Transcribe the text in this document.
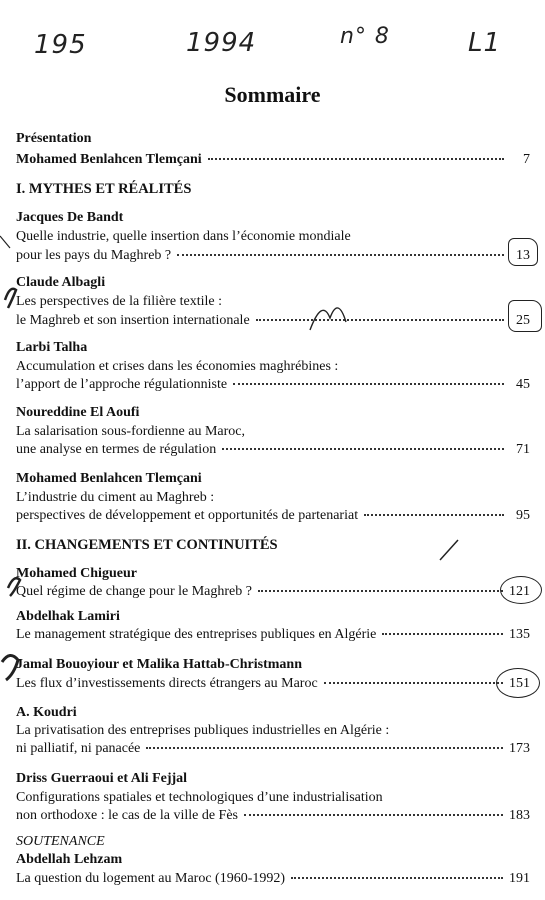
195	1994	n° 8	L1
Sommaire
Présentation
Mohamed Benlahcen Tlemçani	7
I. MYTHES ET RÉALITÉS
Jacques De Bandt
Quelle industrie, quelle insertion dans l’économie mondiale
pour les pays du Maghreb ?	13
Claude Albagli
Les perspectives de la filière textile :
le Maghreb et son insertion internationale	25
Larbi Talha
Accumulation et crises dans les économies maghrébines :
l’apport de l’approche régulationniste	45
Noureddine El Aoufi
La salarisation sous-fordienne au Maroc,
une analyse en termes de régulation	71
Mohamed Benlahcen Tlemçani
L’industrie du ciment au Maghreb :
perspectives de développement et opportunités de partenariat	95
II. CHANGEMENTS ET CONTINUITÉS
Mohamed Chigueur
Quel régime de change pour le Maghreb ?	121
Abdelhak Lamiri
Le management stratégique des entreprises publiques en Algérie	135
Jamal Bouoyiour et Malika Hattab-Christmann
Les flux d’investissements directs étrangers au Maroc	151
A. Koudri
La privatisation des entreprises publiques industrielles en Algérie :
ni palliatif, ni panacée	173
Driss Guerraoui et Ali Fejjal
Configurations spatiales et technologiques d’une industrialisation
non orthodoxe : le cas de la ville de Fès	183
SOUTENANCE
Abdellah Lehzam
La question du logement au Maroc (1960-1992)	191
